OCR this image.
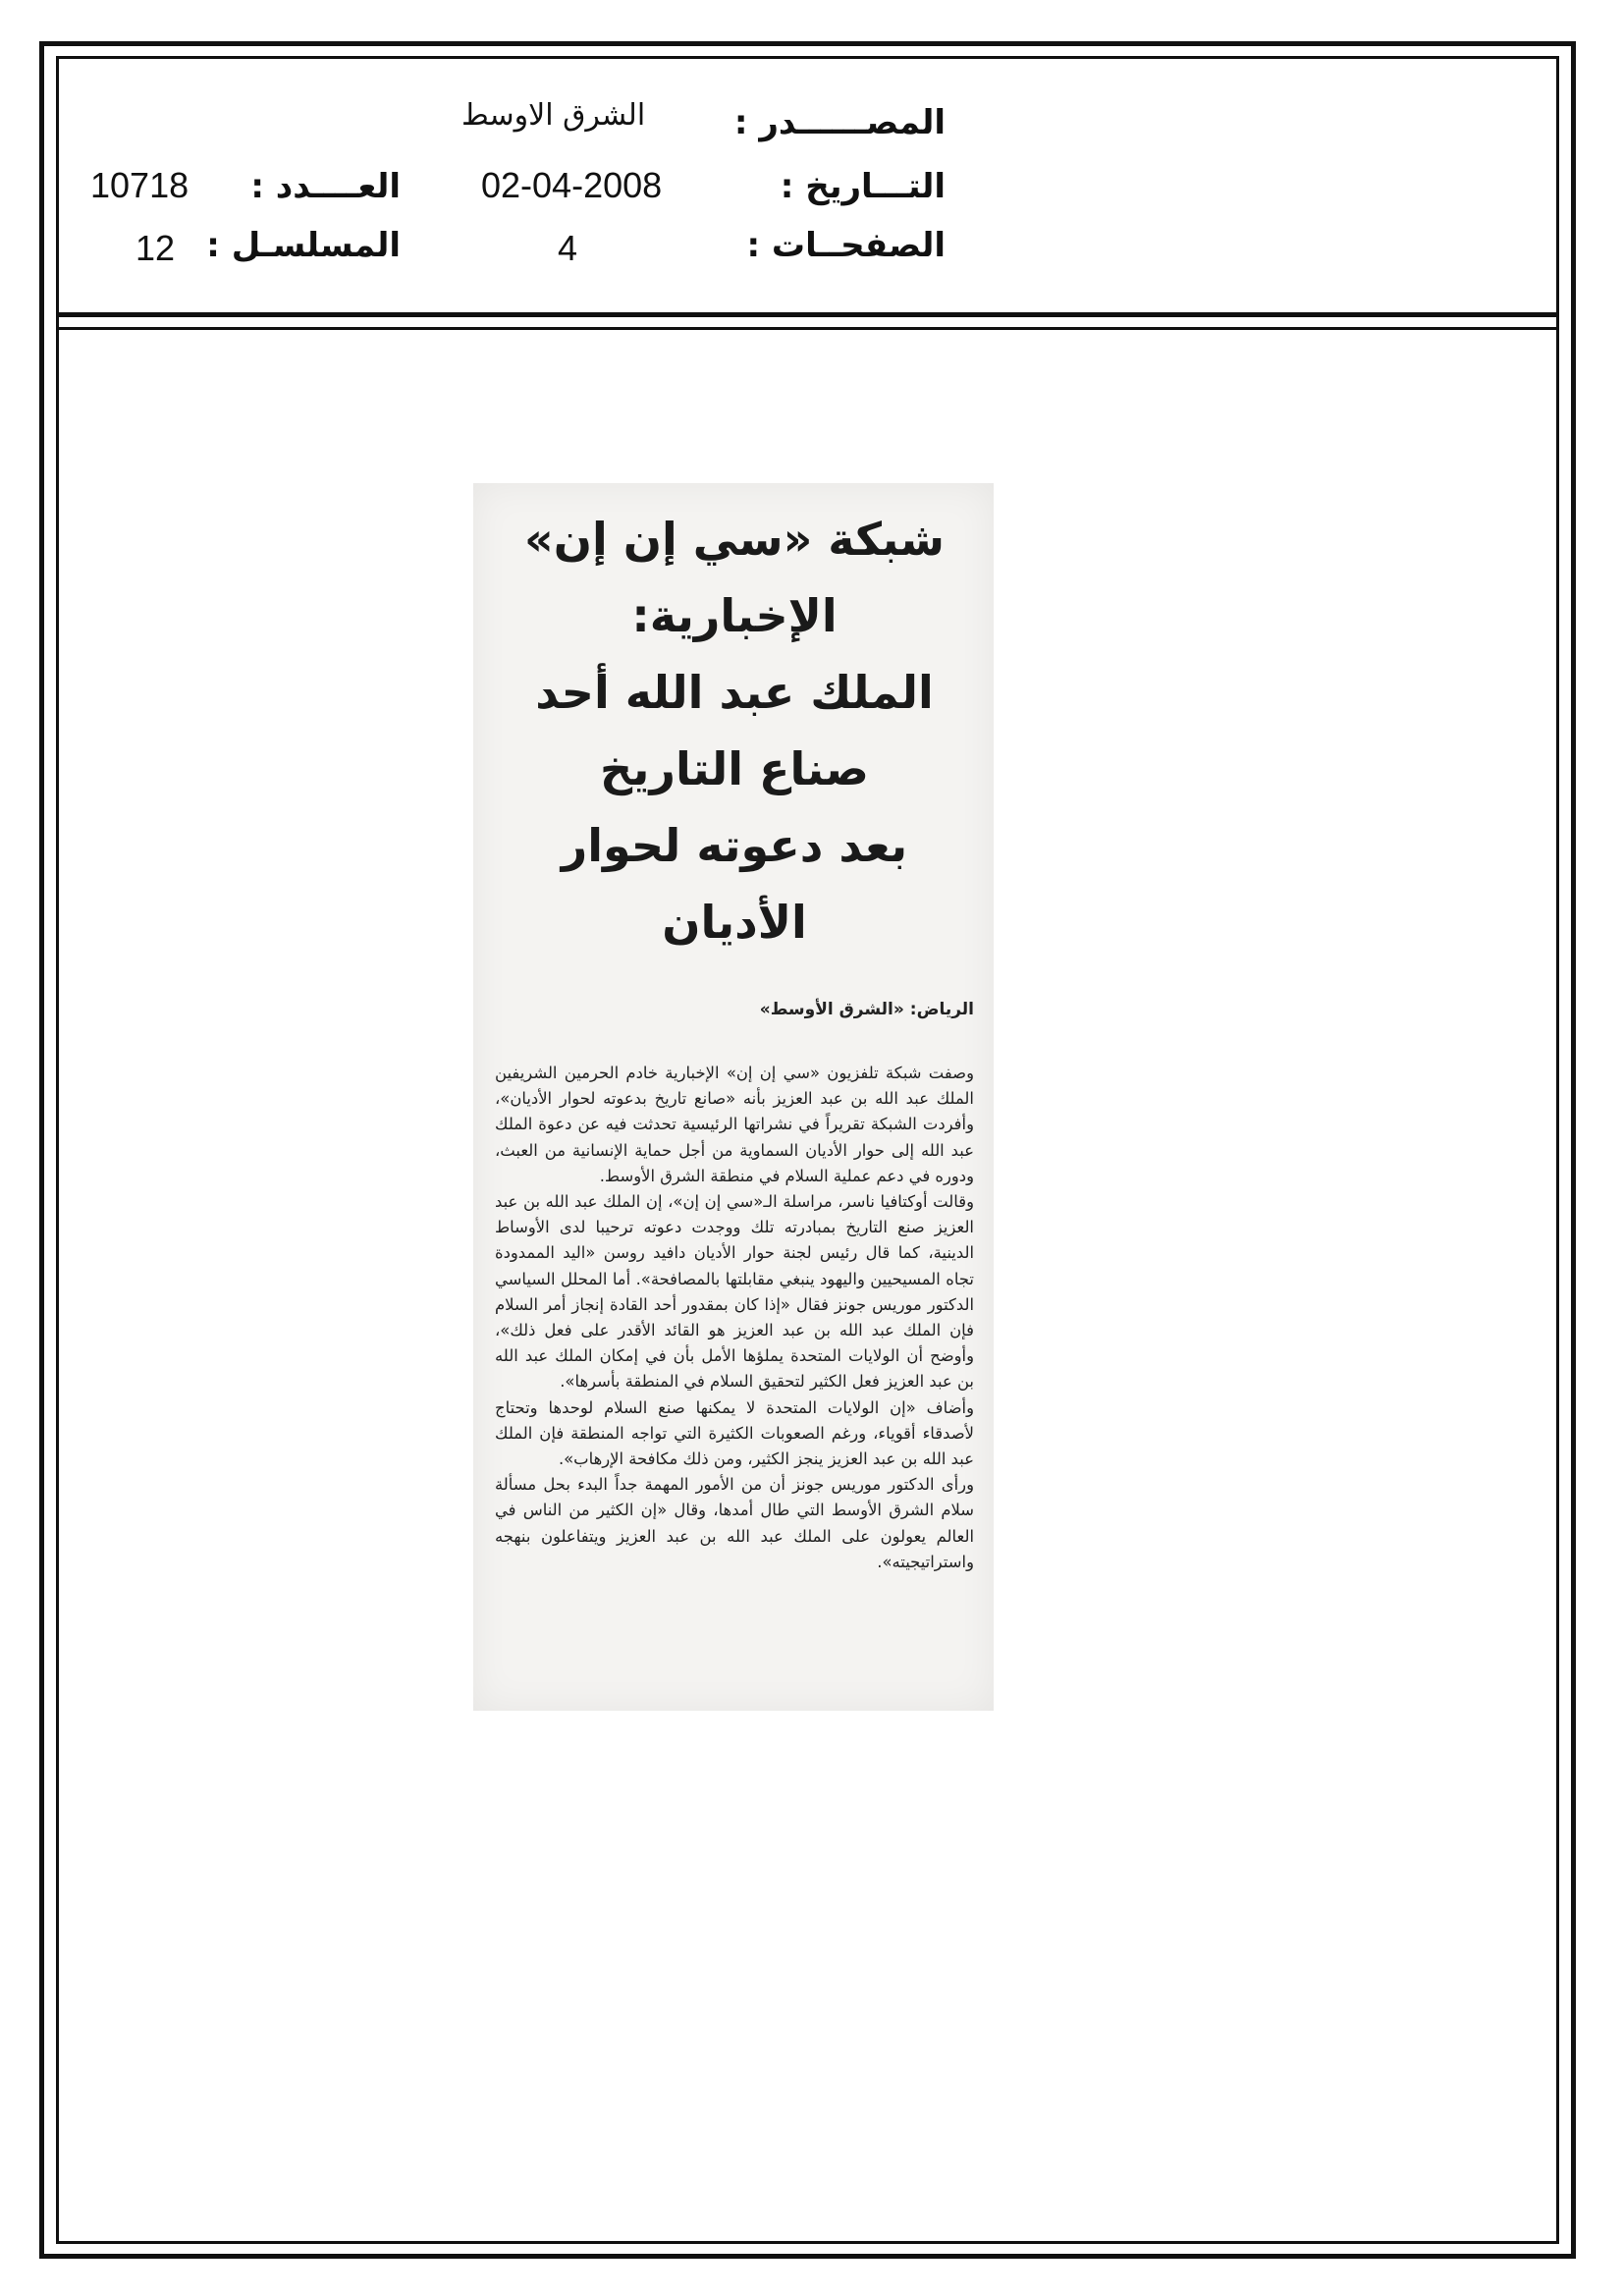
المصــــــدر :
التـــاريخ :
الصفحــات :
العــــدد :
المسلسـل :
الشرق الاوسط
02-04-2008
4
10718
12

شبكة «سي إن إن» الإخبارية:

الملك عبد الله أحد صناع التاريخ

بعد دعوته لحوار الأديان

الرياض: «الشرق الأوسط»

وصفت شبكة تلفزيون «سي إن إن» الإخبارية خادم الحرمين الشريفين الملك عبد الله بن عبد العزيز بأنه «صانع تاريخ بدعوته لحوار الأديان»، وأفردت الشبكة تقريراً في نشراتها الرئيسية تحدثت فيه عن دعوة الملك عبد الله إلى حوار الأديان السماوية من أجل حماية الإنسانية من العبث، ودوره في دعم عملية السلام في منطقة الشرق الأوسط.

وقالت أوكتافيا ناسر، مراسلة الـ«سي إن إن»، إن الملك عبد الله بن عبد العزيز صنع التاريخ بمبادرته تلك ووجدت دعوته ترحيبا لدى الأوساط الدينية، كما قال رئيس لجنة حوار الأديان دافيد روسن «اليد الممدودة تجاه المسيحيين واليهود ينبغي مقابلتها بالمصافحة». أما المحلل السياسي الدكتور موريس جونز فقال «إذا كان بمقدور أحد القادة إنجاز أمر السلام فإن الملك عبد الله بن عبد العزيز هو القائد الأقدر على فعل ذلك»، وأوضح أن الولايات المتحدة يملؤها الأمل بأن في إمكان الملك عبد الله بن عبد العزيز فعل الكثير لتحقيق السلام في المنطقة بأسرها».

وأضاف «إن الولايات المتحدة لا يمكنها صنع السلام لوحدها وتحتاج لأصدقاء أقوياء، ورغم الصعوبات الكثيرة التي تواجه المنطقة فإن الملك عبد الله بن عبد العزيز ينجز الكثير، ومن ذلك مكافحة الإرهاب».

ورأى الدكتور موريس جونز أن من الأمور المهمة جداً البدء بحل مسألة سلام الشرق الأوسط التي طال أمدها، وقال «إن الكثير من الناس في العالم يعولون على الملك عبد الله بن عبد العزيز ويتفاعلون بنهجه واستراتيجيته».
